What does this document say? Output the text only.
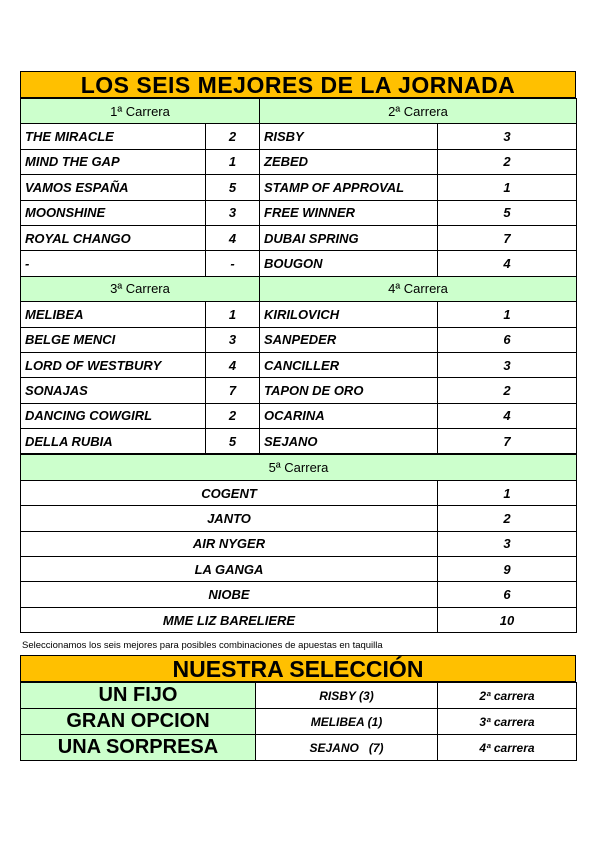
LOS SEIS MEJORES DE LA JORNADA
1ª Carrera		2ª Carrera	
THE MIRACLE	2	RISBY	3
MIND THE GAP	1	ZEBED	2
VAMOS ESPAÑA	5	STAMP OF APPROVAL	1
MOONSHINE	3	FREE WINNER	5
ROYAL CHANGO	4	DUBAI SPRING	7
-	-	BOUGON	4
3ª Carrera		4ª Carrera	
MELIBEA	1	KIRILOVICH	1
BELGE MENCI	3	SANPEDER	6
LORD OF WESTBURY	4	CANCILLER	3
SONAJAS	7	TAPON DE ORO	2
DANCING COWGIRL	2	OCARINA	4
DELLA RUBIA	5	SEJANO	7
5ª Carrera	
COGENT	1
JANTO	2
AIR NYGER	3
LA GANGA	9
NIOBE	6
MME LIZ BARELIERE	10
Seleccionamos los seis mejores para posibles combinaciones de apuestas en taquilla
NUESTRA SELECCIÓN
UN FIJO	RISBY (3)	2ª carrera
GRAN OPCION	MELIBEA (1)	3ª carrera
UNA SORPRESA	SEJANO   (7)	4ª carrera
